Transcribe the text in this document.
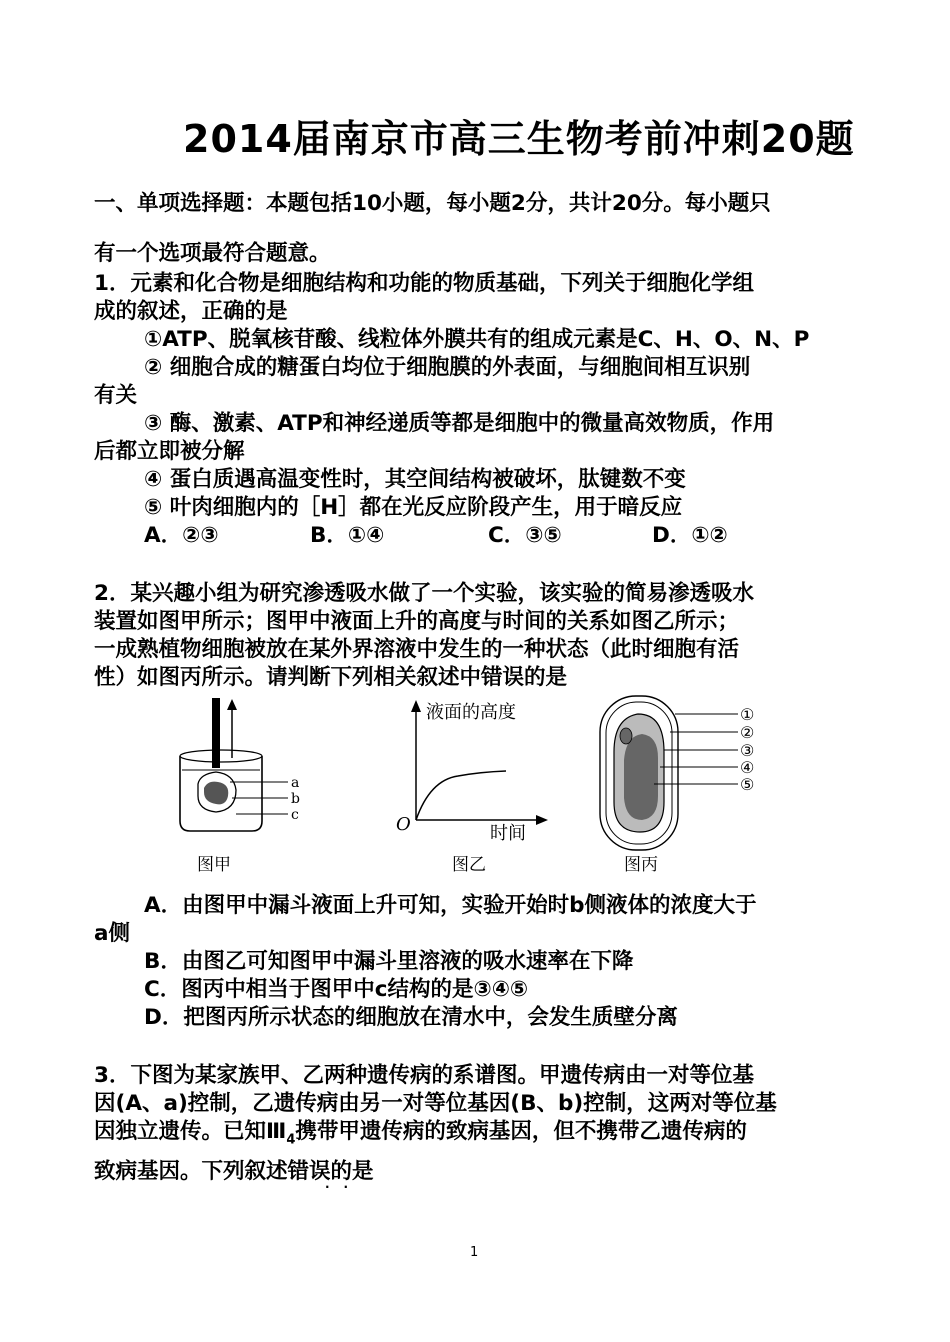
2014届南京市高三生物考前冲刺20题
一、单项选择题：本题包括10小题，每小题2分，共计20分。每小题只
有一个选项最符合题意。
1．元素和化合物是细胞结构和功能的物质基础，下列关于细胞化学组
成的叙述，正确的是
①ATP、脱氧核苷酸、线粒体外膜共有的组成元素是C、H、O、N、P
② 细胞合成的糖蛋白均位于细胞膜的外表面，与细胞间相互识别
有关
③ 酶、激素、ATP和神经递质等都是细胞中的微量高效物质，作用
后都立即被分解
④ 蛋白质遇高温变性时，其空间结构被破坏，肽键数不变
⑤ 叶肉细胞内的［H］都在光反应阶段产生，用于暗反应
A．②③	B．①④	C．③⑤	D．①②
2．某兴趣小组为研究渗透吸水做了一个实验，该实验的简易渗透吸水
装置如图甲所示；图甲中液面上升的高度与时间的关系如图乙所示；
一成熟植物细胞被放在某外界溶液中发生的一种状态（此时细胞有活
性）如图丙所示。请判断下列相关叙述中错误的是
a
b
c
液面的高度
时间
O
①
②
③
④
⑤
图甲	图乙	图丙
A．由图甲中漏斗液面上升可知，实验开始时b侧液体的浓度大于
a侧
B．由图乙可知图甲中漏斗里溶液的吸水速率在下降
C．图丙中相当于图甲中c结构的是③④⑤
D．把图丙所示状态的细胞放在清水中，会发生质壁分离
3．下图为某家族甲、乙两种遗传病的系谱图。甲遗传病由一对等位基
因(A、a)控制，乙遗传病由另一对等位基因(B、b)控制，这两对等位基
因独立遗传。已知$Ⅲ_4$携带甲遗传病的致病基因，但不携带乙遗传病的
致病基因。下列叙述错误的是
··
1
